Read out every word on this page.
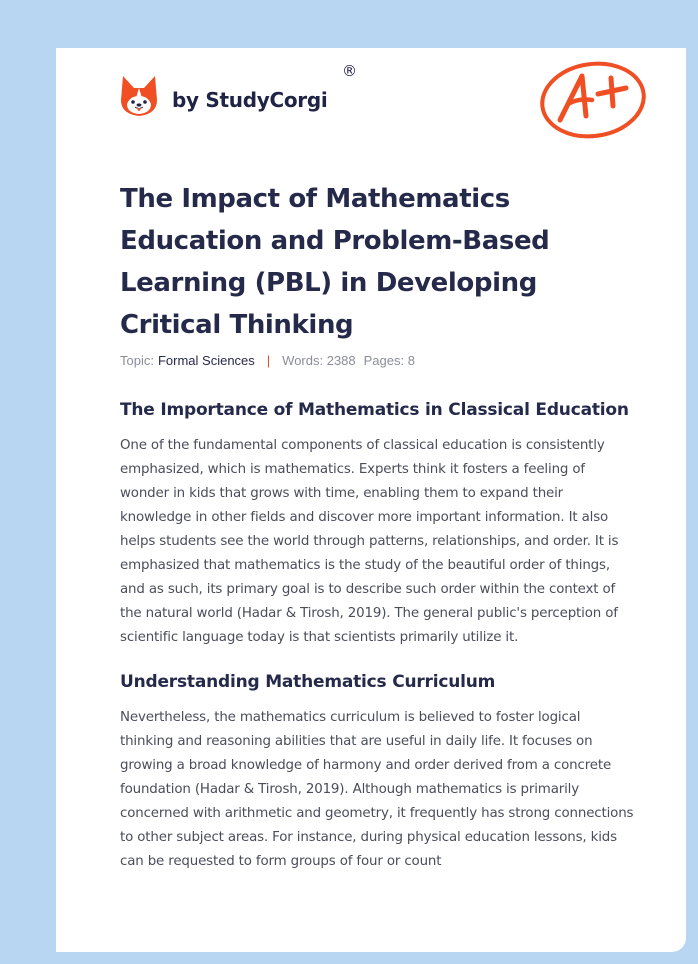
by StudyCorgi
®
The Impact of Mathematics Education and Problem-Based Learning (PBL) in Developing Critical Thinking
Topic: Formal Sciences | Words: 2388 Pages: 8
The Importance of Mathematics in Classical Education

One of the fundamental components of classical education is consistently emphasized, which is mathematics. Experts think it fosters a feeling of wonder in kids that grows with time, enabling them to expand their knowledge in other fields and discover more important information. It also helps students see the world through patterns, relationships, and order. It is emphasized that mathematics is the study of the beautiful order of things, and as such, its primary goal is to describe such order within the context of the natural world (Hadar & Tirosh, 2019). The general public's perception of scientific language today is that scientists primarily utilize it.

Understanding Mathematics Curriculum

Nevertheless, the mathematics curriculum is believed to foster logical thinking and reasoning abilities that are useful in daily life. It focuses on growing a broad knowledge of harmony and order derived from a concrete foundation (Hadar & Tirosh, 2019). Although mathematics is primarily concerned with arithmetic and geometry, it frequently has strong connections to other subject areas. For instance, during physical education lessons, kids can be requested to form groups of four or count
